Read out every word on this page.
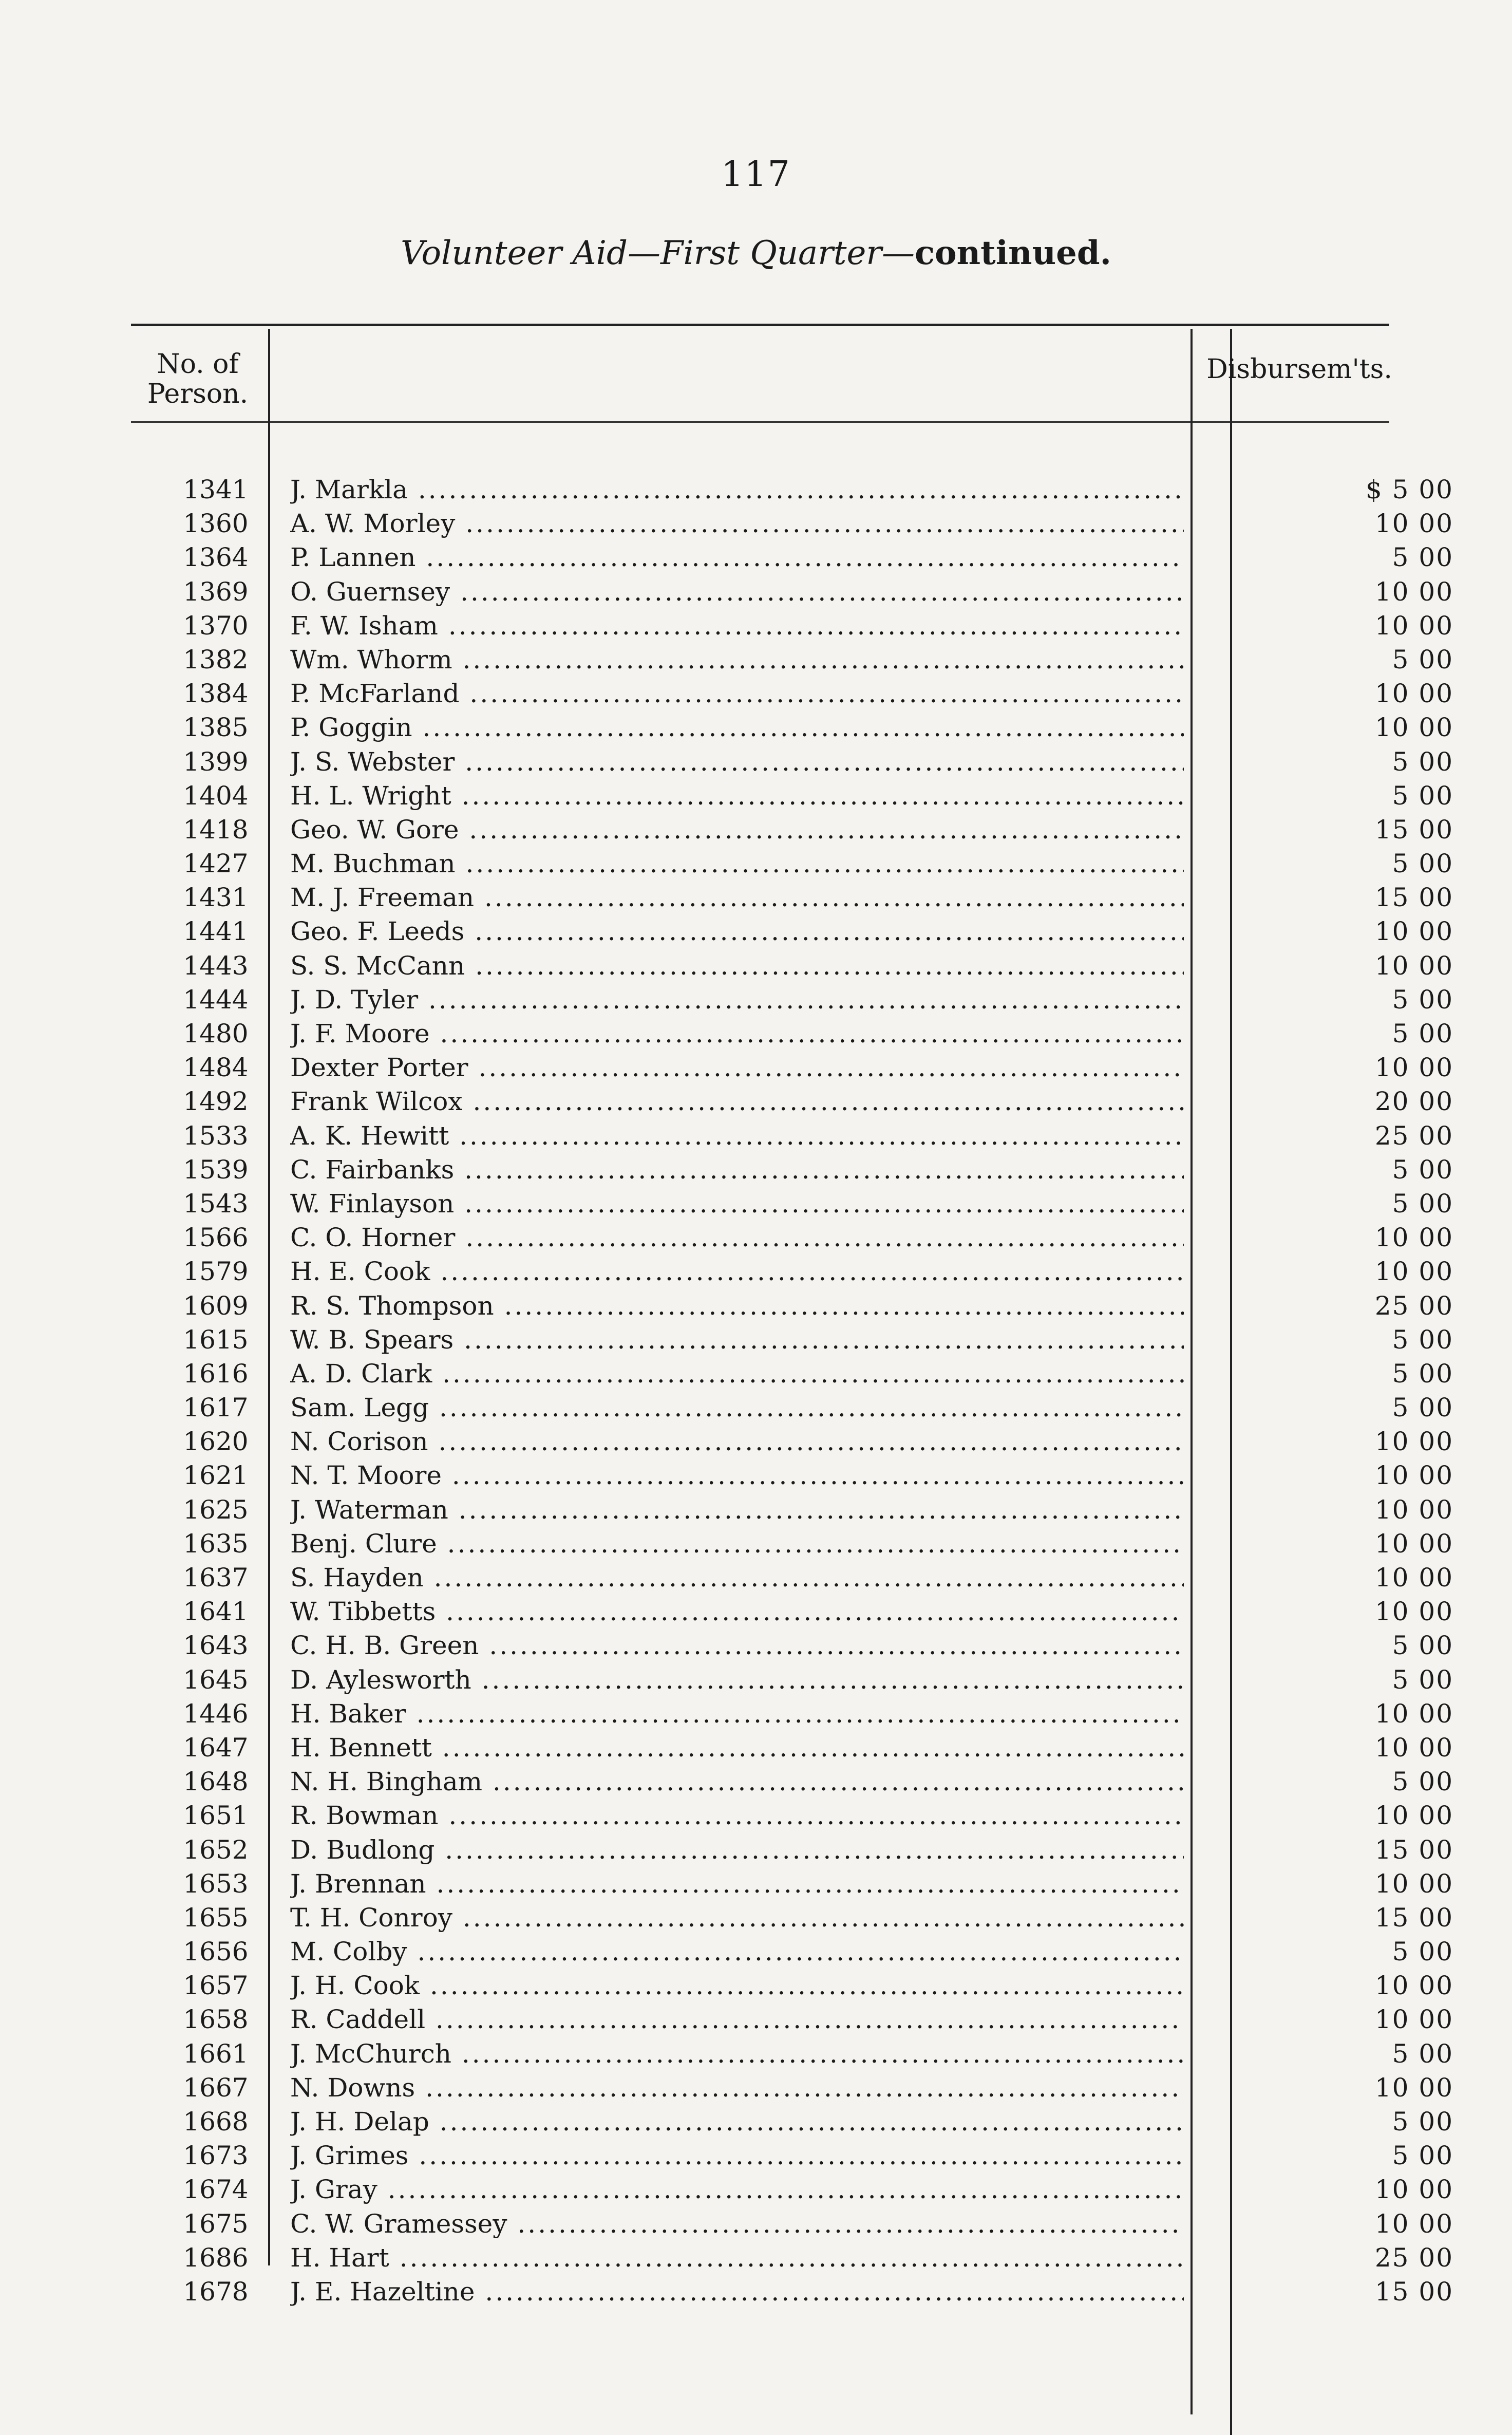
117
Volunteer Aid—First Quarter—continued.
No. of
Person.
Disbursem'ts.
1341	J. Markla .....	$ 5 00
1360	A. W. Morley .....	10 00
1364	P. Lannen .....	5 00
1369	O. Guernsey .....	10 00
1370	F. W. Isham .....	10 00
1382	Wm. Whorm .....	5 00
1384	P. McFarland .....	10 00
1385	P. Goggin .....	10 00
1399	J. S. Webster .....	5 00
1404	H. L. Wright .....	5 00
1418	Geo. W. Gore .....	15 00
1427	M. Buchman .....	5 00
1431	M. J. Freeman .....	15 00
1441	Geo. F. Leeds .....	10 00
1443	S. S. McCann .....	10 00
1444	J. D. Tyler .....	5 00
1480	J. F. Moore .....	5 00
1484	Dexter Porter .....	10 00
1492	Frank Wilcox .....	20 00
1533	A. K. Hewitt .....	25 00
1539	C. Fairbanks .....	5 00
1543	W. Finlayson .....	5 00
1566	C. O. Horner .....	10 00
1579	H. E. Cook .....	10 00
1609	R. S. Thompson .....	25 00
1615	W. B. Spears .....	5 00
1616	A. D. Clark .....	5 00
1617	Sam. Legg .....	5 00
1620	N. Corison .....	10 00
1621	N. T. Moore .....	10 00
1625	J. Waterman .....	10 00
1635	Benj. Clure .....	10 00
1637	S. Hayden .....	10 00
1641	W. Tibbetts .....	10 00
1643	C. H. B. Green .....	5 00
1645	D. Aylesworth .....	5 00
1446	H. Baker .....	10 00
1647	H. Bennett .....	10 00
1648	N. H. Bingham .....	5 00
1651	R. Bowman .....	10 00
1652	D. Budlong .....	15 00
1653	J. Brennan .....	10 00
1655	T. H. Conroy .....	15 00
1656	M. Colby .....	5 00
1657	J. H. Cook .....	10 00
1658	R. Caddell .....	10 00
1661	J. McChurch .....	5 00
1667	N. Downs .....	10 00
1668	J. H. Delap .....	5 00
1673	J. Grimes .....	5 00
1674	J. Gray .....	10 00
1675	C. W. Gramessey .....	10 00
1686	H. Hart .....	25 00
1678	J. E. Hazeltine .....	15 00
